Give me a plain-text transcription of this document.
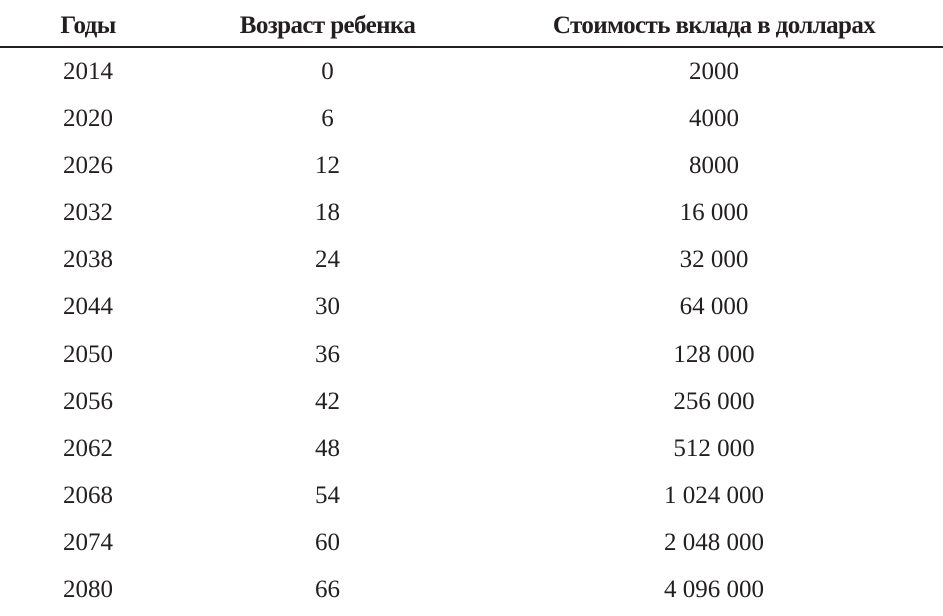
Годы	Возраст ребенка	Стоимость вклада в долларах
2014	0	2000
2020	6	4000
2026	12	8000
2032	18	16 000
2038	24	32 000
2044	30	64 000
2050	36	128 000
2056	42	256 000
2062	48	512 000
2068	54	1 024 000
2074	60	2 048 000
2080	66	4 096 000
